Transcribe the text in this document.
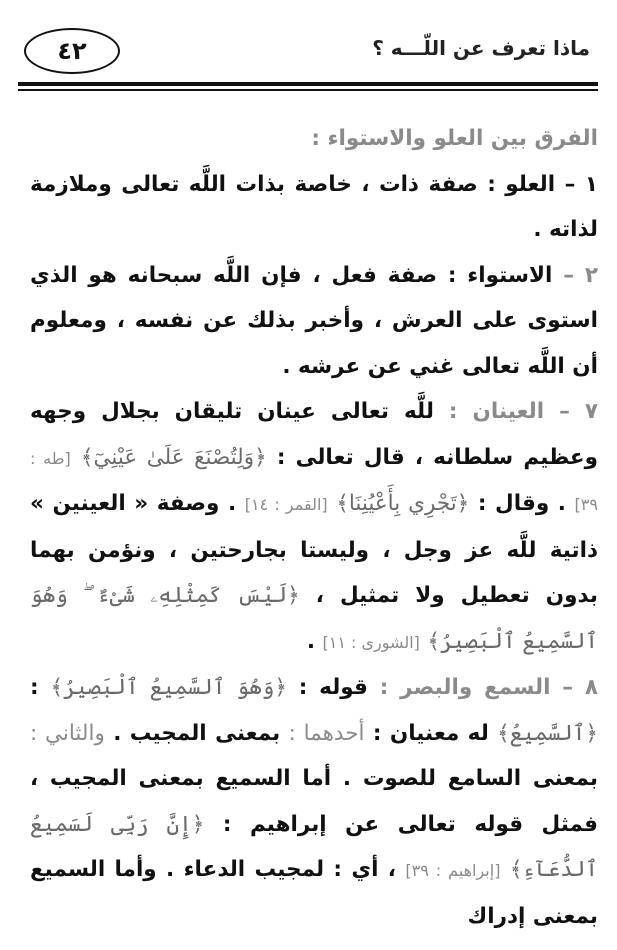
٤٢	ماذا تعرف عن اللّـــه ؟

الفرق بين العلو والاستواء :

١ – العلو : صفة ذات ، خاصة بذات اللَّه تعالى وملازمة لذاته .

٢ – الاستواء : صفة فعل ، فإن اللَّه سبحانه هو الذي استوى على العرش ، وأخبر بذلك عن نفسه ، ومعلوم أن اللَّه تعالى غني عن عرشه .

٧ – العينان : للَّه تعالى عينان تليقان بجلال وجهه وعظيم سلطانه ، قال تعالى : ﴿وَلِتُصْنَعَ عَلَىٰ عَيْنِيٓ﴾ [طه : ٣٩] . وقال : ﴿تَجْرِي بِأَعْيُنِنَا﴾ [القمر : ١٤] . وصفة « العينين » ذاتية للَّه عز وجل ، وليستا بجارحتين ، ونؤمن بهما بدون تعطيل ولا تمثيل ، ﴿لَيْسَ كَمِثْلِهِۦ شَىْءٌ ۖ وَهُوَ ٱلسَّمِيعُ ٱلْبَصِيرُ﴾ [الشورى : ١١] .

٨ – السمع والبصر : قوله : ﴿وَهُوَ ٱلسَّمِيعُ ٱلْبَصِيرُ﴾ : ﴿ٱلسَّمِيعُ﴾ له معنيان : أحدهما : بمعنى المجيب . والثاني : بمعنى السامع للصوت . أما السميع بمعنى المجيب ، فمثل قوله تعالى عن إبراهيم : ﴿إِنَّ رَبِّى لَسَمِيعُ ٱلدُّعَآءِ﴾ [إبراهيم : ٣٩] ، أي : لمجيب الدعاء . وأما السميع بمعنى إدراك
